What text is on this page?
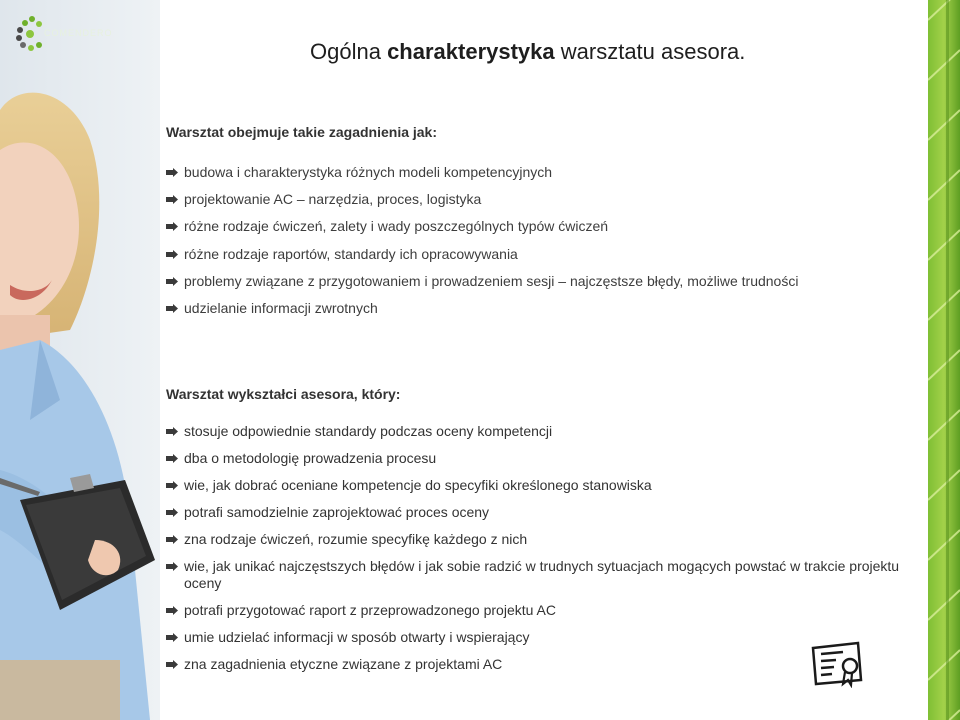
COMENDERO
Ogólna charakterystyka warsztatu asesora.
Warsztat obejmuje takie zagadnienia jak:
budowa i charakterystyka różnych modeli kompetencyjnych
projektowanie AC – narzędzia, proces, logistyka
różne rodzaje ćwiczeń, zalety i wady poszczególnych typów ćwiczeń
różne rodzaje raportów, standardy ich opracowywania
problemy związane z przygotowaniem i prowadzeniem sesji – najczęstsze błędy, możliwe trudności
udzielanie informacji zwrotnych
Warsztat wykształci asesora, który:
stosuje odpowiednie standardy podczas oceny kompetencji
dba o metodologię prowadzenia procesu
wie, jak dobrać oceniane kompetencje do specyfiki określonego stanowiska
potrafi samodzielnie zaprojektować proces oceny
zna rodzaje ćwiczeń, rozumie specyfikę każdego z nich
wie, jak unikać najczęstszych błędów i jak sobie radzić w trudnych sytuacjach mogących powstać w trakcie projektu oceny
potrafi przygotować raport z przeprowadzonego projektu AC
umie udzielać informacji w sposób otwarty i wspierający
zna zagadnienia etyczne związane z projektami AC
